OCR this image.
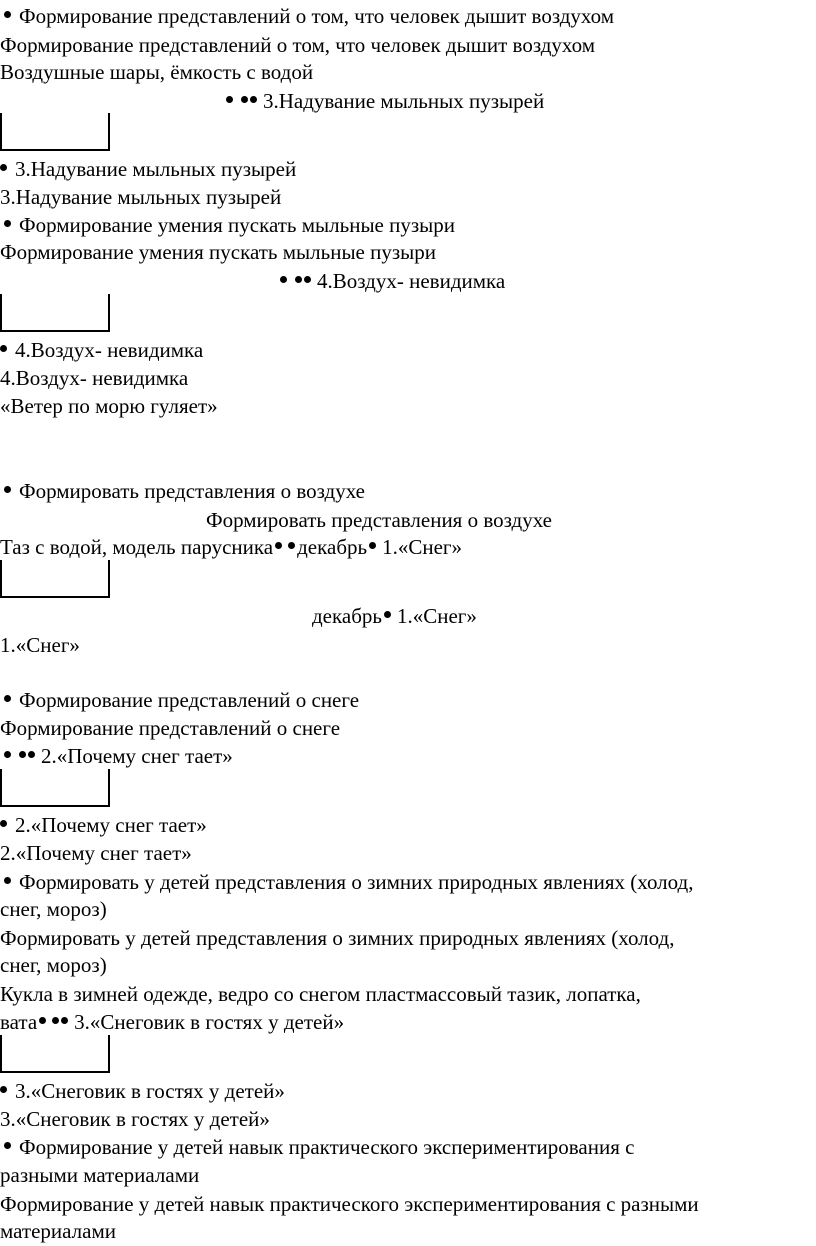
Формирование представлений о том, что человек дышит воздухом

Формирование представлений о том, что человек дышит воздухом

Воздушные шары, ёмкость с водой

3.Надувание мыльных пузырей

3.Надувание мыльных пузырей

3.Надувание мыльных пузырей

Формирование умения пускать мыльные пузыри

Формирование умения пускать мыльные пузыри

4.Воздух- невидимка

4.Воздух- невидимка

4.Воздух- невидимка

«Ветер по морю гуляет»

Формировать представления о воздухе

Формировать представления о воздухе

Таз с водой, модель парусника декабрь 1.«Снег»

декабрь 1.«Снег»

1.«Снег»

Формирование представлений о снеге

Формирование представлений о снеге

2.«Почему снег тает»

2.«Почему снег тает»

2.«Почему снег тает»

Формировать у детей представления о зимних природных явлениях (холод,

снег, мороз)

Формировать у детей представления о зимних природных явлениях (холод,

снег, мороз)

Кукла в зимней одежде, ведро со снегом пластмассовый тазик, лопатка,

вата 3.«Снеговик в гостях у детей»

3.«Снеговик в гостях у детей»

3.«Снеговик в гостях у детей»

Формирование у детей навык практического экспериментирования с

разными материалами

Формирование у детей навык практического экспериментирования с разными

материалами
